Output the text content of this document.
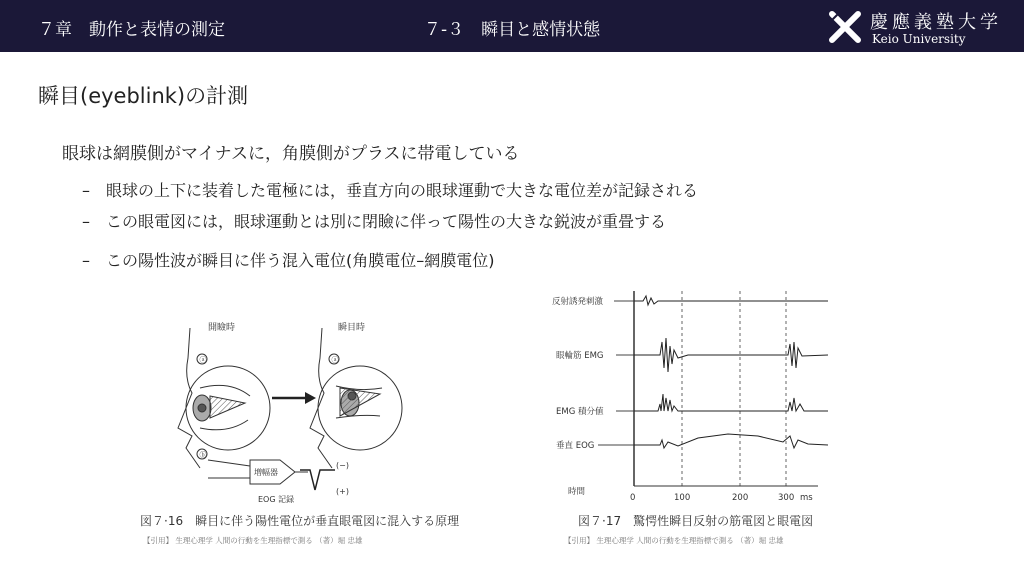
７章　動作と表情の測定	７-３　瞬目と感情状態	慶應義塾大学
Keio University
瞬目(eyeblink)の計測
眼球は網膜側がマイナスに，角膜側がプラスに帯電している
– 眼球の上下に装着した電極には，垂直方向の眼球運動で大きな電位差が記録される
– この眼電図には，眼球運動とは別に閉瞼に伴って陽性の大きな鋭波が重畳する
– この陽性波が瞬目に伴う混入電位(角膜電位–網膜電位)
開瞼時	瞬目時
ⓐ
ⓑ
ⓐ
増幅器
EOG 記録
(−)
(+)
図７·16　瞬目に伴う陽性電位が垂直眼電図に混入する原理
【引用】 生理心理学 人間の行動を生理指標で測る （著）堀 忠雄
反射誘発刺激
眼輪筋 EMG
EMG 積分値
垂直 EOG
時間
0	100	200	300 ms
図７·17　驚愕性瞬目反射の筋電図と眼電図
【引用】 生理心理学 人間の行動を生理指標で測る （著）堀 忠雄
